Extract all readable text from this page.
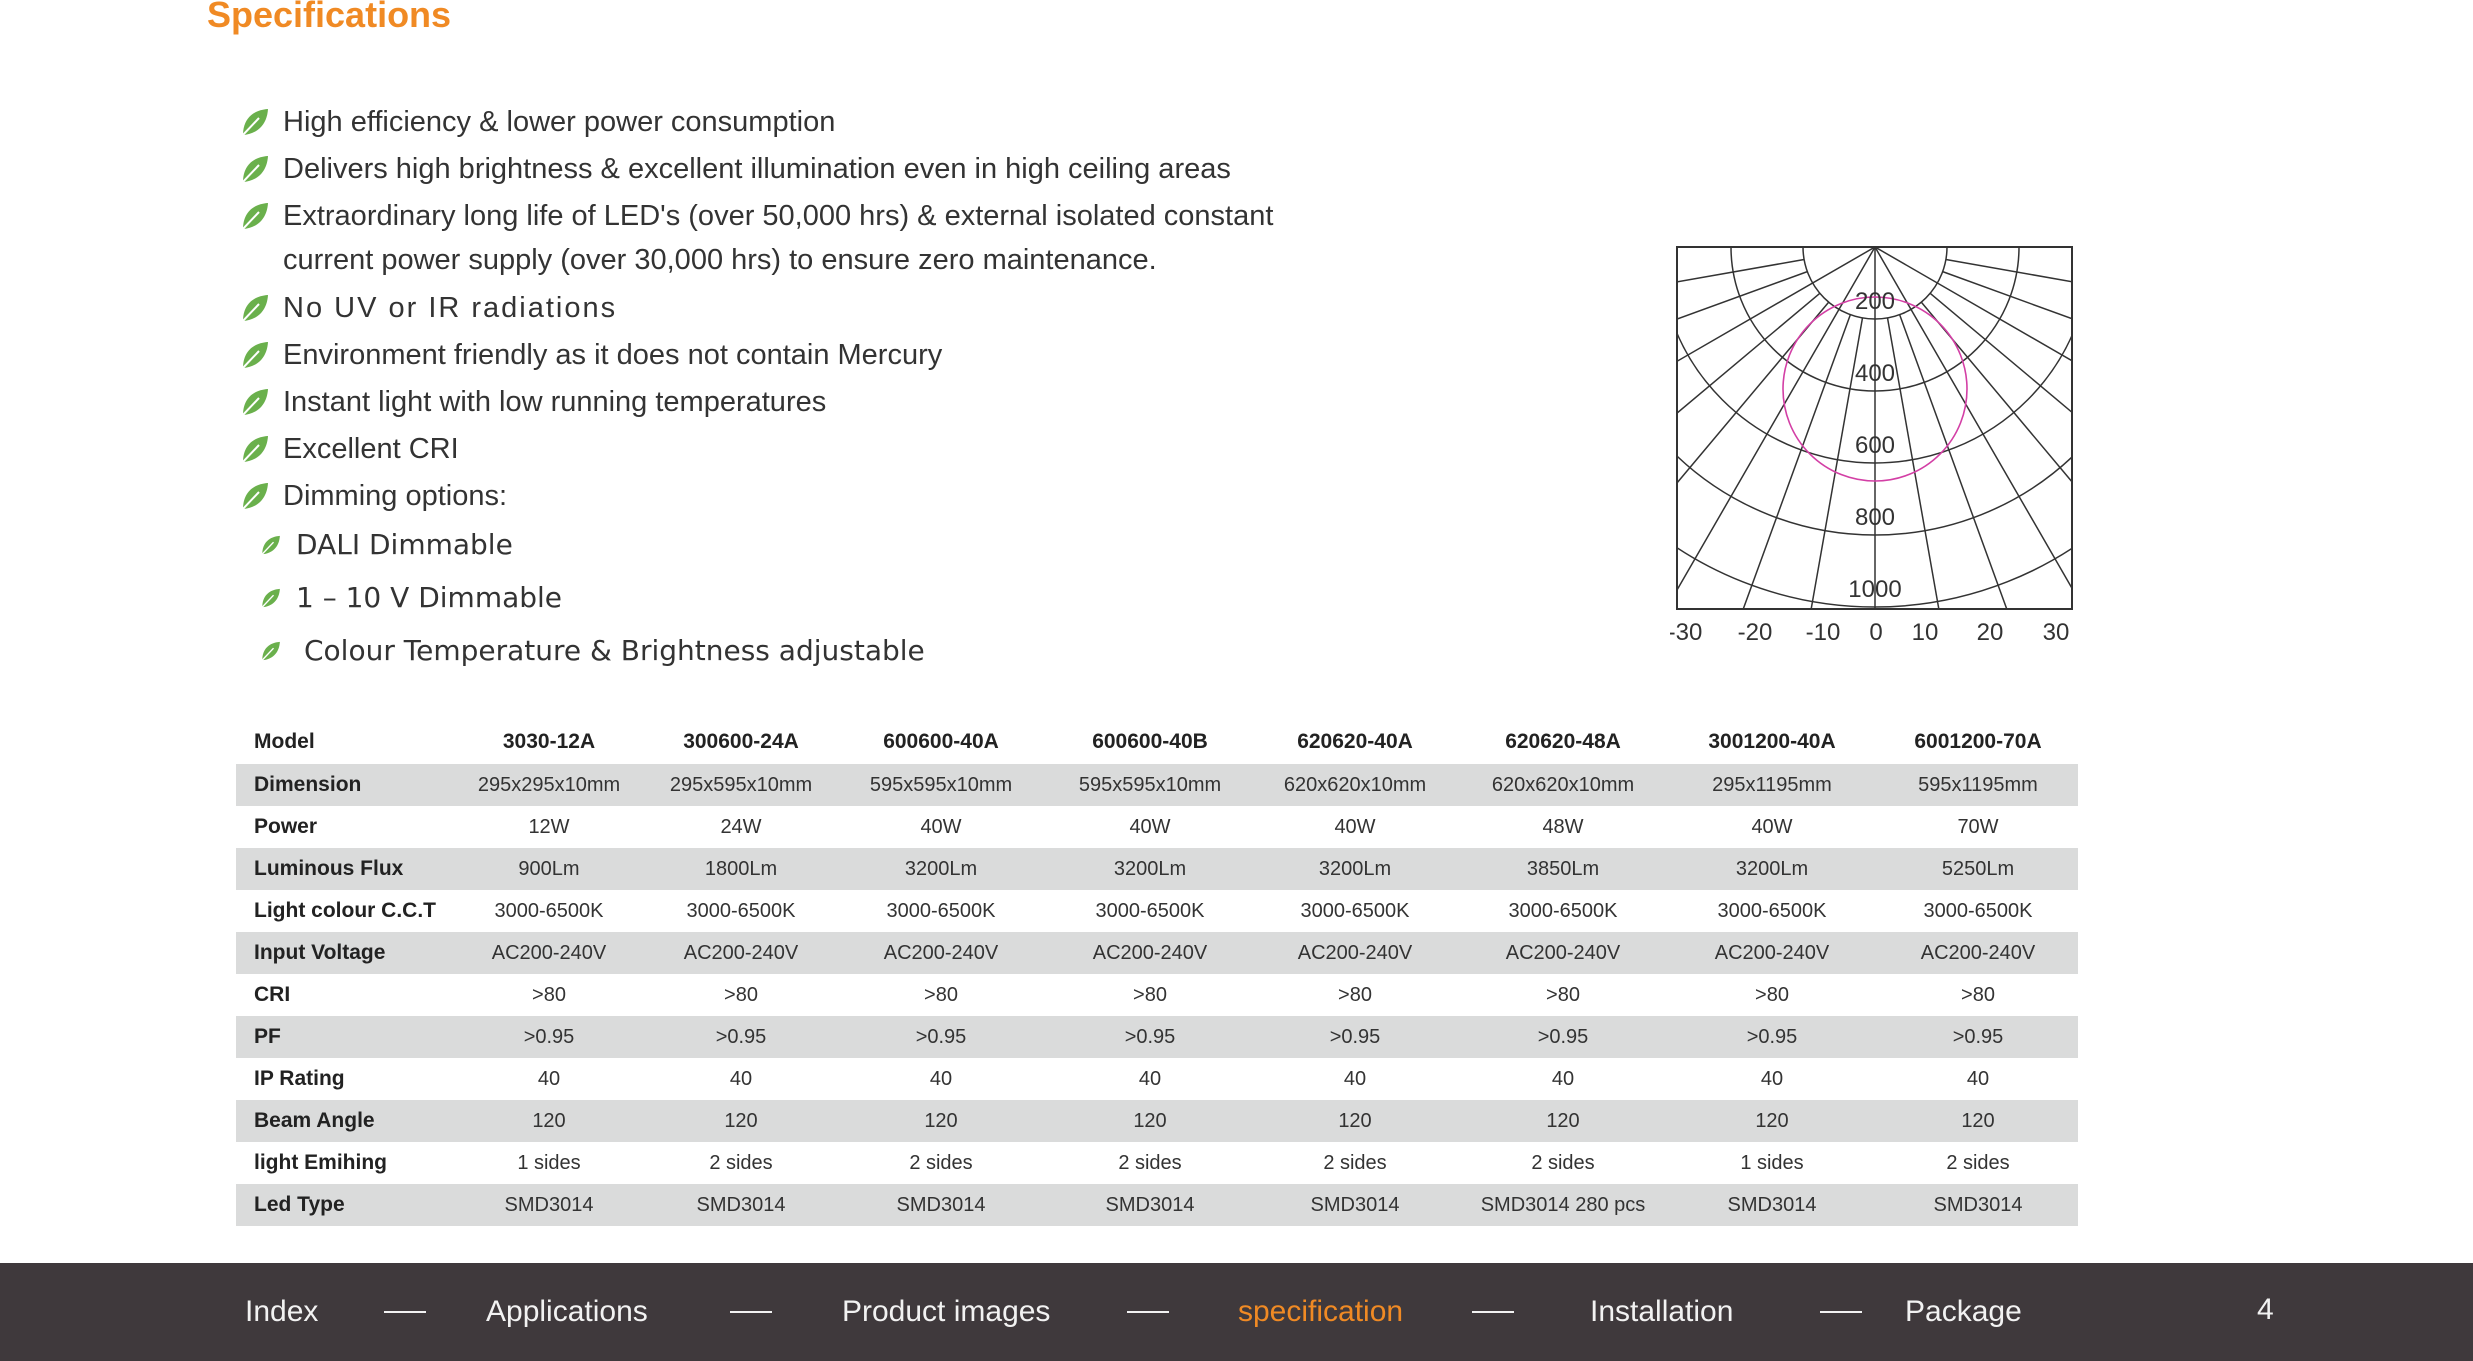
Specifications
High efficiency & lower power consumption
Delivers high brightness & excellent illumination even in high ceiling areas
Extraordinary long life of LED's (over 50,000 hrs) & external isolated constant
current power supply (over 30,000 hrs) to ensure zero maintenance.
No UV or IR radiations
Environment friendly as it does not contain Mercury
Instant light with low running temperatures
Excellent CRI
Dimming options:
DALI Dimmable
1 – 10 V Dimmable
Colour Temperature & Brightness adjustable
200
400
600
800
1000
-30 -20 -10 0 10 20 30
Model	3030-12A	300600-24A	600600-40A	600600-40B	620620-40A	620620-48A	3001200-40A	6001200-70A
Dimension	295x295x10mm	295x595x10mm	595x595x10mm	595x595x10mm	620x620x10mm	620x620x10mm	295x1195mm	595x1195mm
Power	12W	24W	40W	40W	40W	48W	40W	70W
Luminous Flux	900Lm	1800Lm	3200Lm	3200Lm	3200Lm	3850Lm	3200Lm	5250Lm
Light colour C.C.T	3000-6500K	3000-6500K	3000-6500K	3000-6500K	3000-6500K	3000-6500K	3000-6500K	3000-6500K
Input Voltage	AC200-240V	AC200-240V	AC200-240V	AC200-240V	AC200-240V	AC200-240V	AC200-240V	AC200-240V
CRI	>80	>80	>80	>80	>80	>80	>80	>80
PF	>0.95	>0.95	>0.95	>0.95	>0.95	>0.95	>0.95	>0.95
IP Rating	40	40	40	40	40	40	40	40
Beam Angle	120	120	120	120	120	120	120	120
light Emihing	1 sides	2 sides	2 sides	2 sides	2 sides	2 sides	1 sides	2 sides
Led Type	SMD3014	SMD3014	SMD3014	SMD3014	SMD3014	SMD3014 280 pcs	SMD3014	SMD3014
Index	Applications	Product images	specification	Installation	Package	4
